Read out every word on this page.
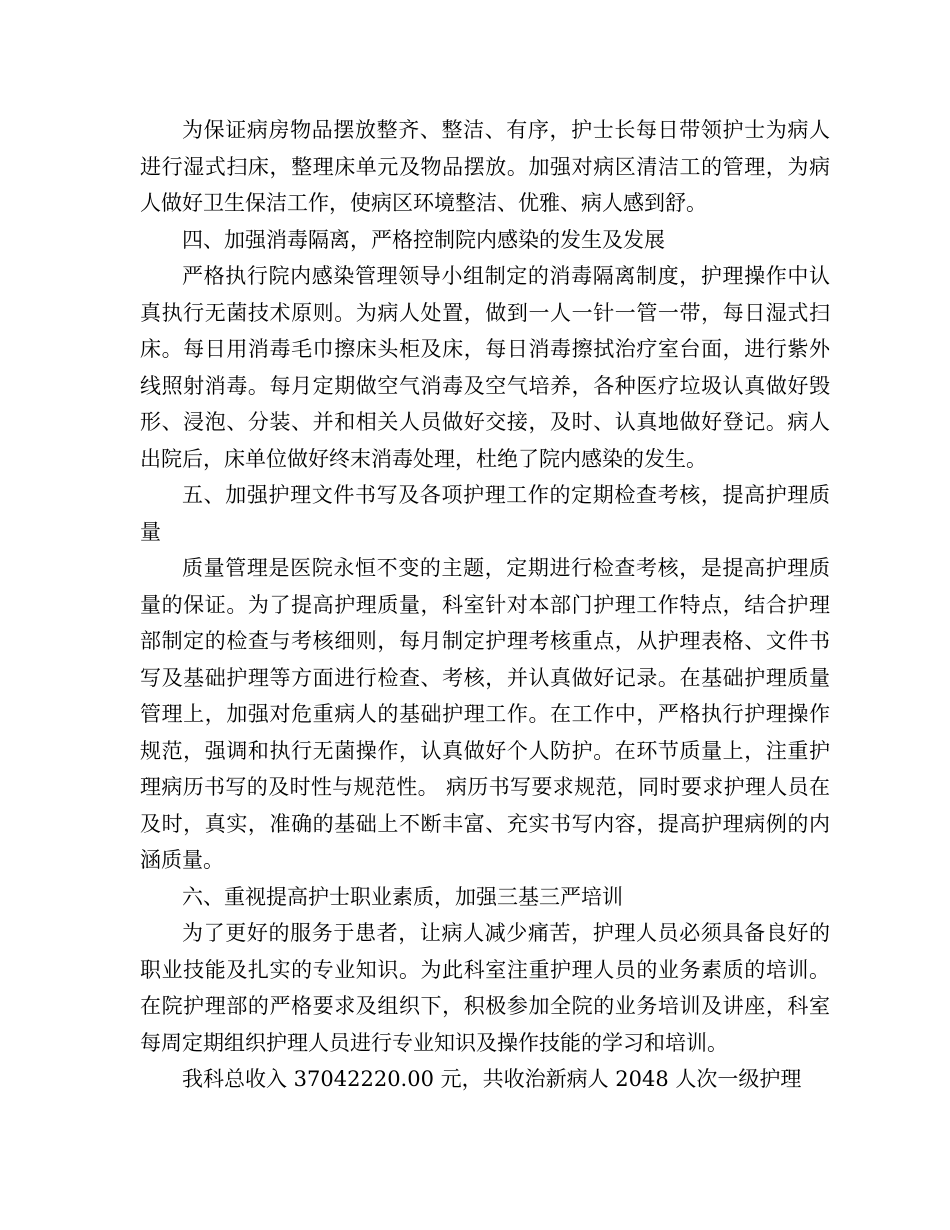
为保证病房物品摆放整齐、整洁、有序，护士长每日带领护士为病人进行湿式扫床，整理床单元及物品摆放。加强对病区清洁工的管理，为病人做好卫生保洁工作，使病区环境整洁、优雅、病人感到舒。

四、加强消毒隔离，严格控制院内感染的发生及发展

严格执行院内感染管理领导小组制定的消毒隔离制度，护理操作中认真执行无菌技术原则。为病人处置，做到一人一针一管一带，每日湿式扫床。每日用消毒毛巾擦床头柜及床，每日消毒擦拭治疗室台面，进行紫外线照射消毒。每月定期做空气消毒及空气培养，各种医疗垃圾认真做好毁形、浸泡、分装、并和相关人员做好交接，及时、认真地做好登记。病人出院后，床单位做好终末消毒处理，杜绝了院内感染的发生。

五、加强护理文件书写及各项护理工作的定期检查考核，提高护理质量

质量管理是医院永恒不变的主题，定期进行检查考核，是提高护理质量的保证。为了提高护理质量，科室针对本部门护理工作特点，结合护理部制定的检查与考核细则，每月制定护理考核重点，从护理表格、文件书写及基础护理等方面进行检查、考核，并认真做好记录。在基础护理质量管理上，加强对危重病人的基础护理工作。在工作中，严格执行护理操作规范，强调和执行无菌操作，认真做好个人防护。在环节质量上，注重护理病历书写的及时性与规范性。 病历书写要求规范，同时要求护理人员在及时，真实，准确的基础上不断丰富、充实书写内容，提高护理病例的内涵质量。

六、重视提高护士职业素质，加强三基三严培训

为了更好的服务于患者，让病人减少痛苦，护理人员必须具备良好的职业技能及扎实的专业知识。为此科室注重护理人员的业务素质的培训。在院护理部的严格要求及组织下，积极参加全院的业务培训及讲座，科室每周定期组织护理人员进行专业知识及操作技能的学习和培训。

我科总收入 37042220.00 元，共收治新病人 2048 人次一级护理
